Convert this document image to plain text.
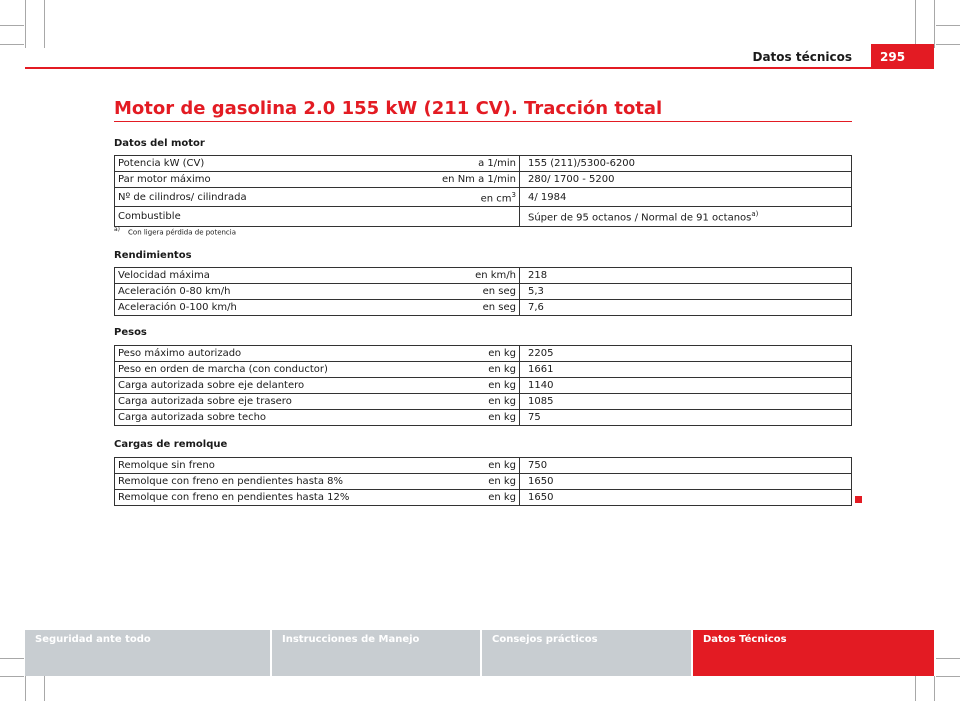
Datos técnicos	295
Motor de gasolina 2.0 155 kW (211 CV). Tracción total
Datos del motor
Potencia kW (CV)	a 1/min	155 (211)/5300-6200
Par motor máximo	en Nm a 1/min	280/ 1700 - 5200
Nº de cilindros/ cilindrada	en $cm^3$	4/ 1984
Combustible		Súper de 95 octanos / Normal de 91 octanos$^{a)}$
$^{a)}$ Con ligera pérdida de potencia
Rendimientos
Velocidad máxima	en km/h	218
Aceleración 0-80 km/h	en seg	5,3
Aceleración 0-100 km/h	en seg	7,6
Pesos
Peso máximo autorizado	en kg	2205
Peso en orden de marcha (con conductor)	en kg	1661
Carga autorizada sobre eje delantero	en kg	1140
Carga autorizada sobre eje trasero	en kg	1085
Carga autorizada sobre techo	en kg	75
Cargas de remolque
Remolque sin freno	en kg	750
Remolque con freno en pendientes hasta 8%	en kg	1650
Remolque con freno en pendientes hasta 12%	en kg	1650
Seguridad ante todo	Instrucciones de Manejo	Consejos prácticos	Datos Técnicos
